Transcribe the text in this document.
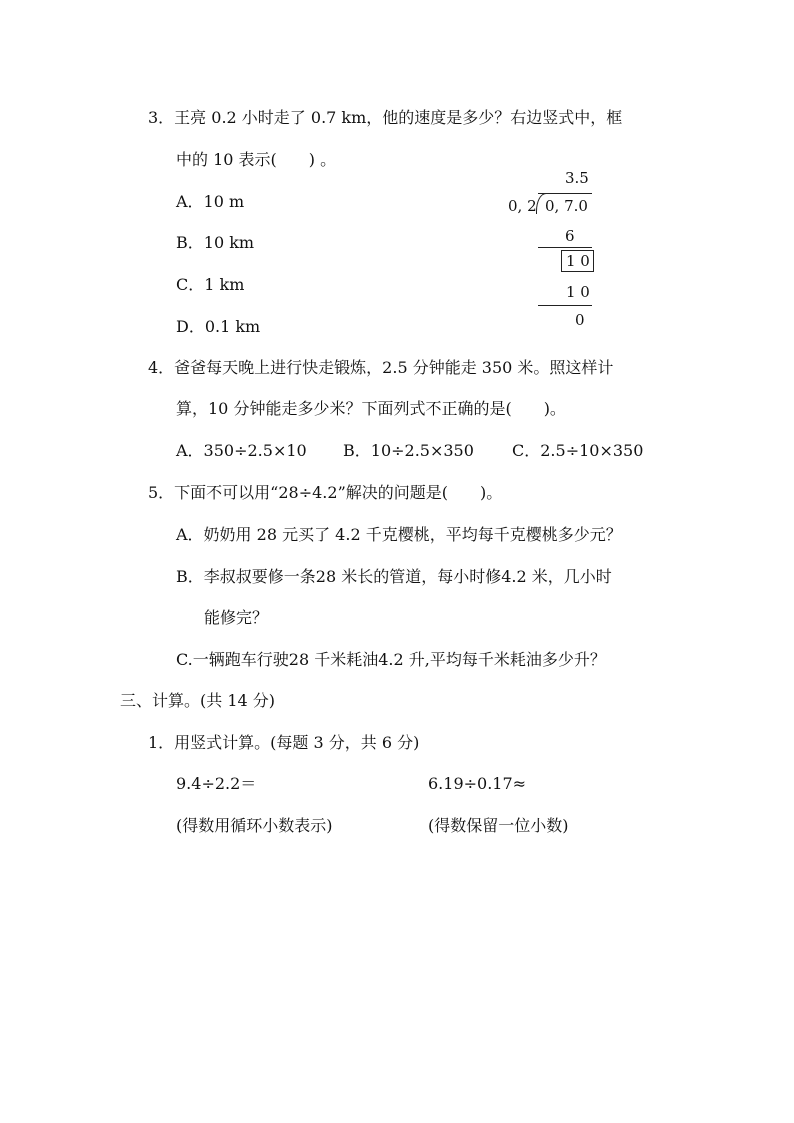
3．王亮 0.2 小时走了 0.7 km，他的速度是多少？右边竖式中，框
中的 10 表示(　　) 。
A．10 m
B．10 km
C．1 km
D．0.1 km
3.5
0, 2 0, 7.0
6
1 0
1 0
0
4．爸爸每天晚上进行快走锻炼，2.5 分钟能走 350 米。照这样计
算，10 分钟能走多少米？下面列式不正确的是(　　)。
A．350÷2.5×10 B．10÷2.5×350 C．2.5÷10×350
5．下面不可以用“28÷4.2”解决的问题是(　　)。
A．奶奶用 28 元买了 4.2 千克樱桃，平均每千克樱桃多少元？
B．李叔叔要修一条28 米长的管道，每小时修4.2 米，几小时
能修完？
C.一辆跑车行驶28 千米耗油4.2 升,平均每千米耗油多少升？
三、计算。(共 14 分)
1．用竖式计算。(每题 3 分，共 6 分)
9.4÷2.2＝	6.19÷0.17≈
(得数用循环小数表示)	(得数保留一位小数)
